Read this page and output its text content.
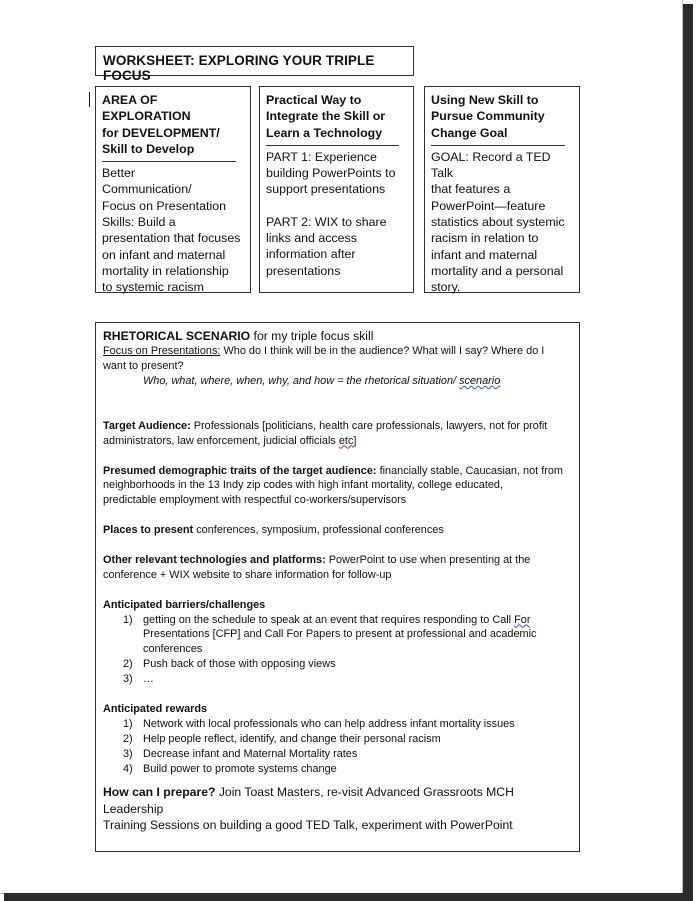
WORKSHEET: EXPLORING YOUR TRIPLE FOCUS
AREA OF EXPLORATION
for DEVELOPMENT/
Skill to Develop
Better
Communication/
Focus on Presentation
Skills: Build a
presentation that focuses
on infant and maternal
mortality in relationship
to systemic racism
Practical Way to
Integrate the Skill or
Learn a Technology
PART 1: Experience
building PowerPoints to
support presentations
PART 2: WIX to share
links and access
information after
presentations
Using New Skill to
Pursue Community
Change Goal
GOAL: Record a TED Talk
that features a
PowerPoint—feature
statistics about systemic
racism in relation to
infant and maternal
mortality and a personal
story.

RHETORICAL SCENARIO for my triple focus skill

Focus on Presentations: Who do I think will be in the audience? What will I say? Where do I

want to present?

Who, what, where, when, why, and how = the rhetorical situation/ scenario

Target Audience: Professionals [politicians, health care professionals, lawyers, not for profit

administrators, law enforcement, judicial officials etc]

Presumed demographic traits of the target audience: financially stable, Caucasian, not from

neighborhoods in the 13 Indy zip codes with high infant mortality, college educated,

predictable employment with respectful co-workers/supervisors

Places to present conferences, symposium, professional conferences

Other relevant technologies and platforms: PowerPoint to use when presenting at the

conference + WIX website to share information for follow-up

Anticipated barriers/challenges

1) getting on the schedule to speak at an event that requires responding to Call For
Presentations [CFP] and Call For Papers to present at professional and academic
conferences
2) Push back of those with opposing views
3) …

Anticipated rewards

1) Network with local professionals who can help address infant mortality issues
2) Help people reflect, identify, and change their personal racism
3) Decrease infant and Maternal Mortality rates
4) Build power to promote systems change

How can I prepare? Join Toast Masters, re-visit Advanced Grassroots MCH Leadership

Training Sessions on building a good TED Talk, experiment with PowerPoint
